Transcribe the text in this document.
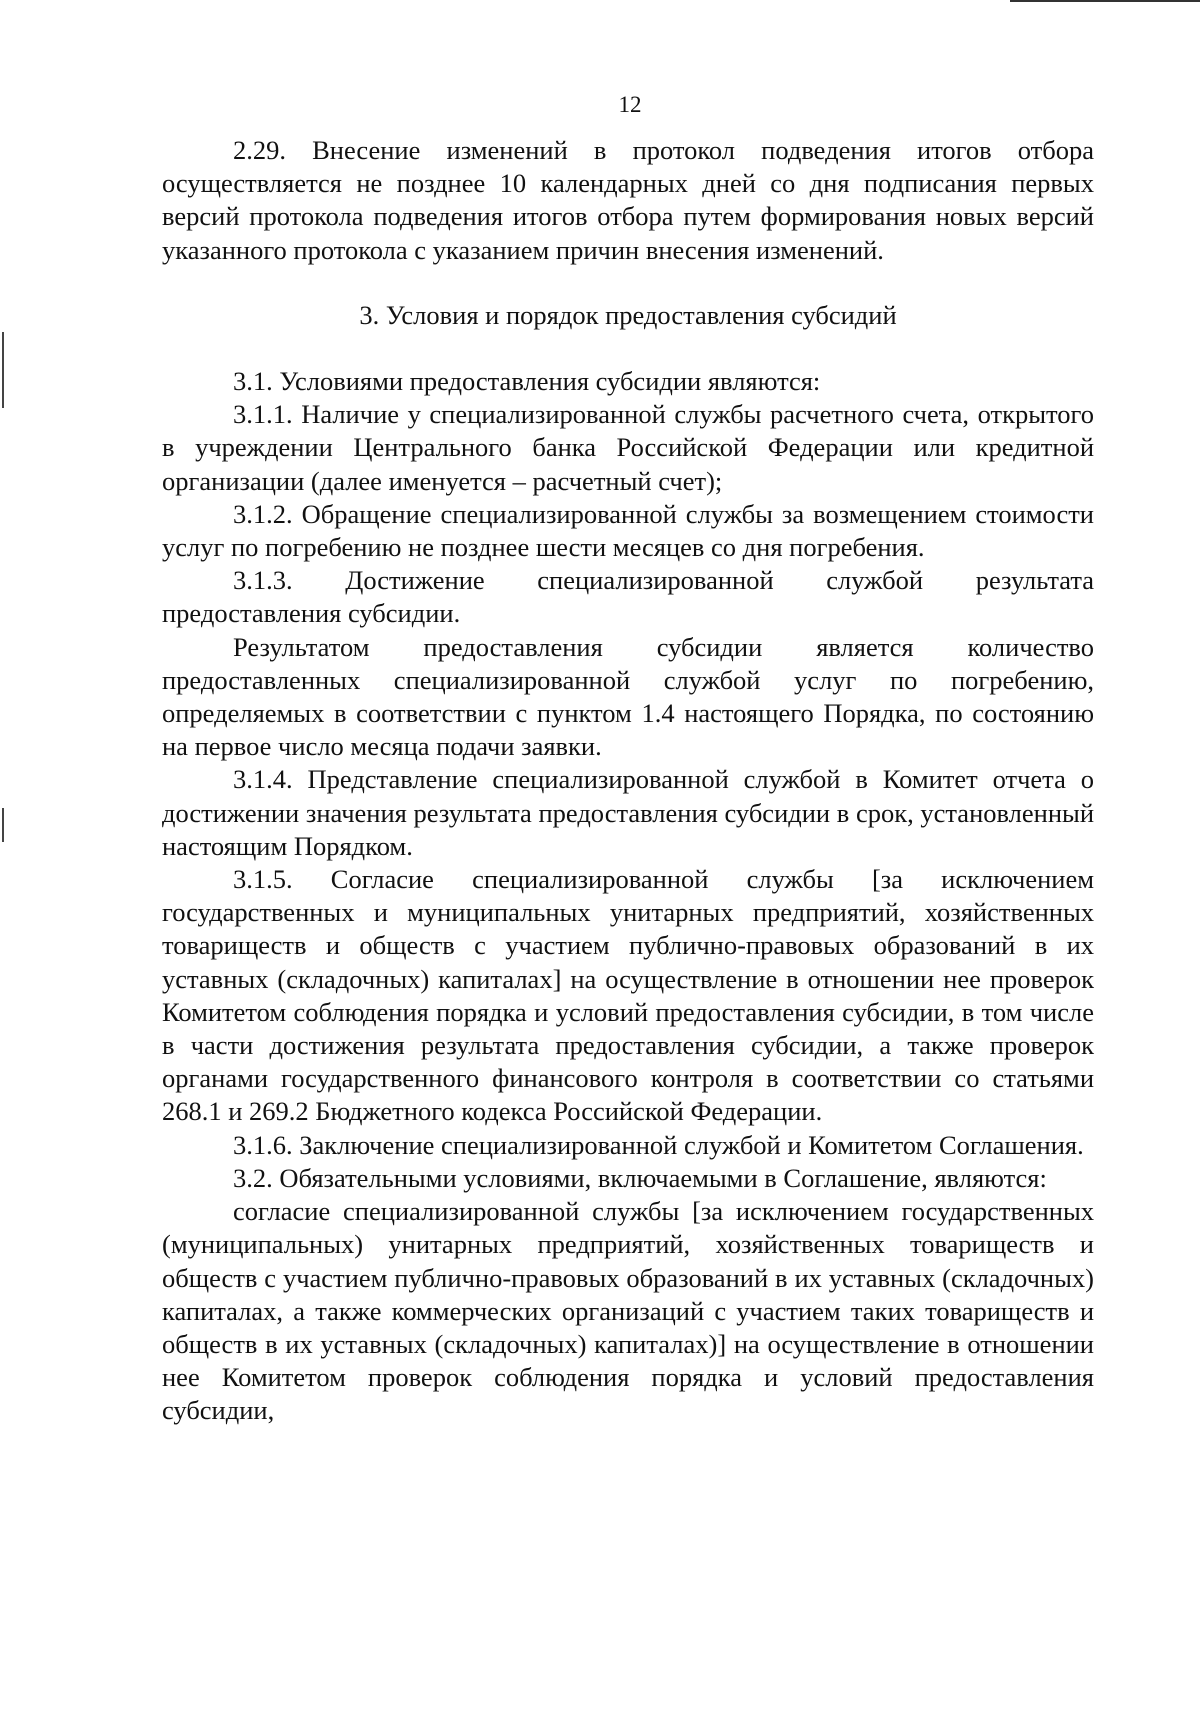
12

2.29. Внесение изменений в протокол подведения итогов отбора осуществляется не позднее 10 календарных дней со дня подписания первых версий протокола подведения итогов отбора путем формирования новых версий указанного протокола с указанием причин внесения изменений.

3. Условия и порядок предоставления субсидий

3.1. Условиями предоставления субсидии являются:

3.1.1. Наличие у специализированной службы расчетного счета, открытого в учреждении Центрального банка Российской Федерации или кредитной организации (далее именуется – расчетный счет);

3.1.2. Обращение специализированной службы за возмещением стоимости услуг по погребению не позднее шести месяцев со дня погребения.

3.1.3. Достижение специализированной службой результата предоставления субсидии.

Результатом предоставления субсидии является количество предоставленных специализированной службой услуг по погребению, определяемых в соответствии с пунктом 1.4 настоящего Порядка, по состоянию на первое число месяца подачи заявки.

3.1.4. Представление специализированной службой в Комитет отчета о достижении значения результата предоставления субсидии в срок, установленный настоящим Порядком.

3.1.5. Согласие специализированной службы [за исключением государственных и муниципальных унитарных предприятий, хозяйственных товариществ и обществ с участием публично-правовых образований в их уставных (складочных) капиталах] на осуществление в отношении нее проверок Комитетом соблюдения порядка и условий предоставления субсидии, в том числе в части достижения результата предоставления субсидии, а также проверок органами государственного финансового контроля в соответствии со статьями 268.1 и 269.2 Бюджетного кодекса Российской Федерации.

3.1.6. Заключение специализированной службой и Комитетом Соглашения.

3.2. Обязательными условиями, включаемыми в Соглашение, являются:

согласие специализированной службы [за исключением государственных (муниципальных) унитарных предприятий, хозяйственных товариществ и обществ с участием публично-правовых образований в их уставных (складочных) капиталах, а также коммерческих организаций с участием таких товариществ и обществ в их уставных (складочных) капиталах)] на осуществление в отношении нее Комитетом проверок соблюдения порядка и условий предоставления субсидии,
